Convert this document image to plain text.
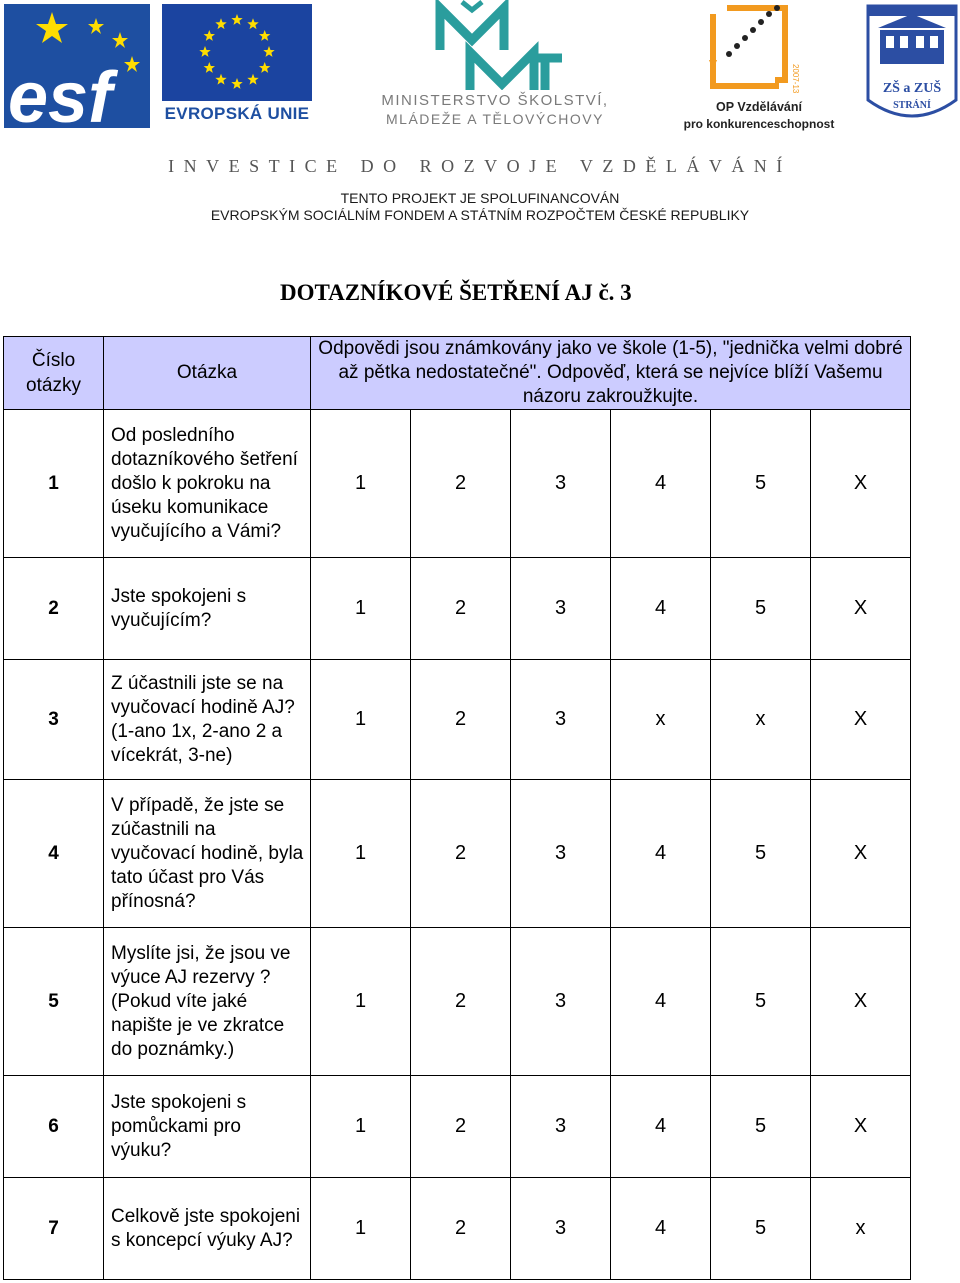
esf	EVROPSKÁ UNIE
MINISTERSTVO ŠKOLSTVÍ,
MLÁDEŽE A TĚLOVÝCHOVY
2007-13
OP Vzdělávání
pro konkurenceschopnost
ZŠ a ZUŠ
STRÁNÍ
INVESTICE DO ROZVOJE VZDĚLÁVÁNÍ
TENTO PROJEKT JE SPOLUFINANCOVÁN
EVROPSKÝM SOCIÁLNÍM FONDEM A STÁTNÍM ROZPOČTEM ČESKÉ REPUBLIKY
DOTAZNÍKOVÉ ŠETŘENÍ AJ č. 3
Číslo otázky	Otázka	Odpovědi jsou známkovány jako ve škole (1-5), "jednička velmi dobré až pětka nedostatečné". Odpověď, která se nejvíce blíží Vašemu názoru zakroužkujte.					
1	Od posledního dotazníkového šetření došlo k pokroku na úseku komunikace vyučujícího a Vámi?	1	2	3	4	5	X
2	Jste spokojeni s vyučujícím?	1	2	3	4	5	X
3	Z účastnili jste se na vyučovací hodině AJ? (1-ano 1x, 2-ano 2 a vícekrát, 3-ne)	1	2	3	x	x	X
4	V případě, že jste se zúčastnili na vyučovací hodině, byla tato účast pro Vás přínosná?	1	2	3	4	5	X
5	Myslíte jsi, že jsou ve výuce AJ rezervy ? (Pokud víte jaké napište je ve zkratce do poznámky.)	1	2	3	4	5	X
6	Jste spokojeni s pomůckami pro výuku?	1	2	3	4	5	X
7	Celkově jste spokojeni s koncepcí výuky AJ?	1	2	3	4	5	x
